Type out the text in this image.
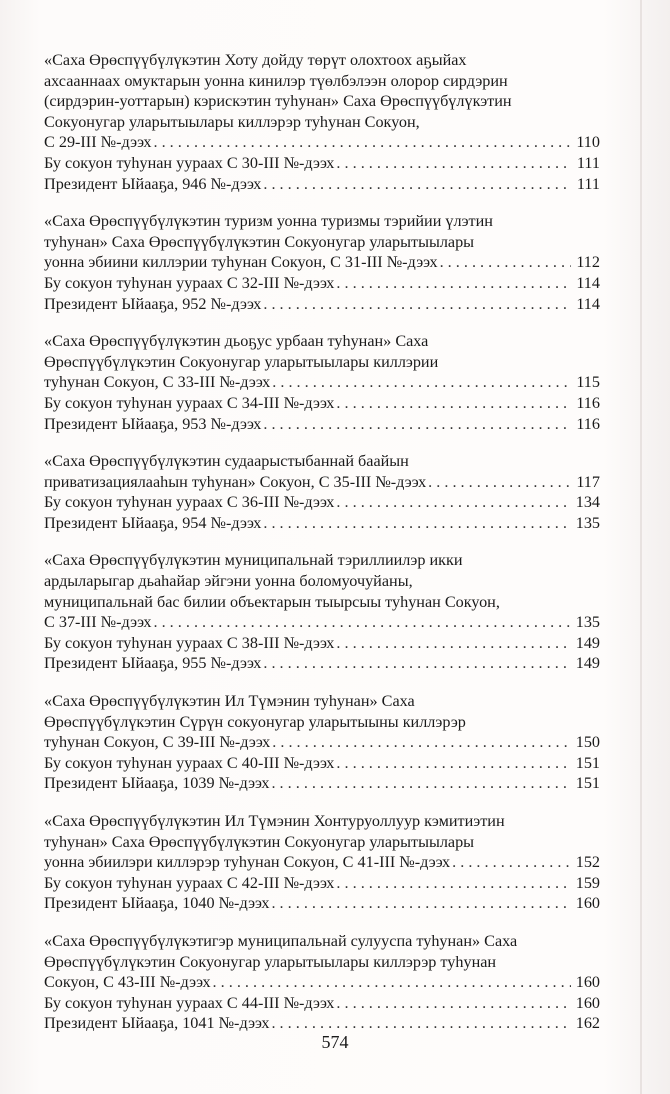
«Саха Өрөспүүбүлүкэтин Хоту дойду төрүт олохтоох аҕыйах
ахсааннаах омуктарын уонна кинилэр түөлбэлээн олорор сирдэрин
(сирдэрин-уоттарын) кэрискэтин туһунан» Саха Өрөспүүбүлүкэтин
Сокуонугар уларытыылары киллэрэр туһунан Сокуон,
С 29-III №-дээх . . .	110
Бу сокуон туһунан уураах С 30-III №-дээх . . .	111
Президент Ыйааҕа, 946 №-дээх . . .	111
«Саха Өрөспүүбүлүкэтин туризм уонна туризмы тэрийии үлэтин
туһунан» Саха Өрөспүүбүлүкэтин Сокуонугар уларытыылары
уонна эбиини киллэрии туһунан Сокуон, С 31-III №-дээх . . .	112
Бу сокуон туһунан уураах С 32-III №-дээх . . .	114
Президент Ыйааҕа, 952 №-дээх . . .	114
«Саха Өрөспүүбүлүкэтин дьоҕус урбаан туһунан» Саха
Өрөспүүбүлүкэтин Сокуонугар уларытыылары киллэрии
туһунан Сокуон, С 33-III №-дээх . . .	115
Бу сокуон туһунан уураах С 34-III №-дээх . . .	116
Президент Ыйааҕа, 953 №-дээх . . .	116
«Саха Өрөспүүбүлүкэтин судаарыстыбаннай баайын
приватизациялааһын туһунан» Сокуон, С 35-III №-дээх . . .	117
Бу сокуон туһунан уураах С 36-III №-дээх . . .	134
Президент Ыйааҕа, 954 №-дээх . . .	135
«Саха Өрөспүүбүлүкэтин муниципальнай тэриллиилэр икки
ардыларыгар дьаһайар эйгэни уонна боломуочуйаны,
муниципальнай бас билии объектарын тыырсыы туһунан Сокуон,
С 37-III №-дээх . . .	135
Бу сокуон туһунан уураах С 38-III №-дээх . . .	149
Президент Ыйааҕа, 955 №-дээх . . .	149
«Саха Өрөспүүбүлүкэтин Ил Түмэнин туһунан» Саха
Өрөспүүбүлүкэтин Сүрүн сокуонугар уларытыыны киллэрэр
туһунан Сокуон, С 39-III №-дээх . . .	150
Бу сокуон туһунан уураах С 40-III №-дээх . . .	151
Президент Ыйааҕа, 1039 №-дээх . . .	151
«Саха Өрөспүүбүлүкэтин Ил Түмэнин Хонтуруоллуур кэмитиэтин
туһунан» Саха Өрөспүүбүлүкэтин Сокуонугар уларытыылары
уонна эбиилэри киллэрэр туһунан Сокуон, С 41-III №-дээх . . .	152
Бу сокуон туһунан уураах С 42-III №-дээх . . .	159
Президент Ыйааҕа, 1040 №-дээх . . .	160
«Саха Өрөспүүбүлүкэтигэр муниципальнай сулууспа туһунан» Саха
Өрөспүүбүлүкэтин Сокуонугар уларытыылары киллэрэр туһунан
Сокуон, С 43-III №-дээх . . .	160
Бу сокуон туһунан уураах С 44-III №-дээх . . .	160
Президент Ыйааҕа, 1041 №-дээх . . .	162
574
